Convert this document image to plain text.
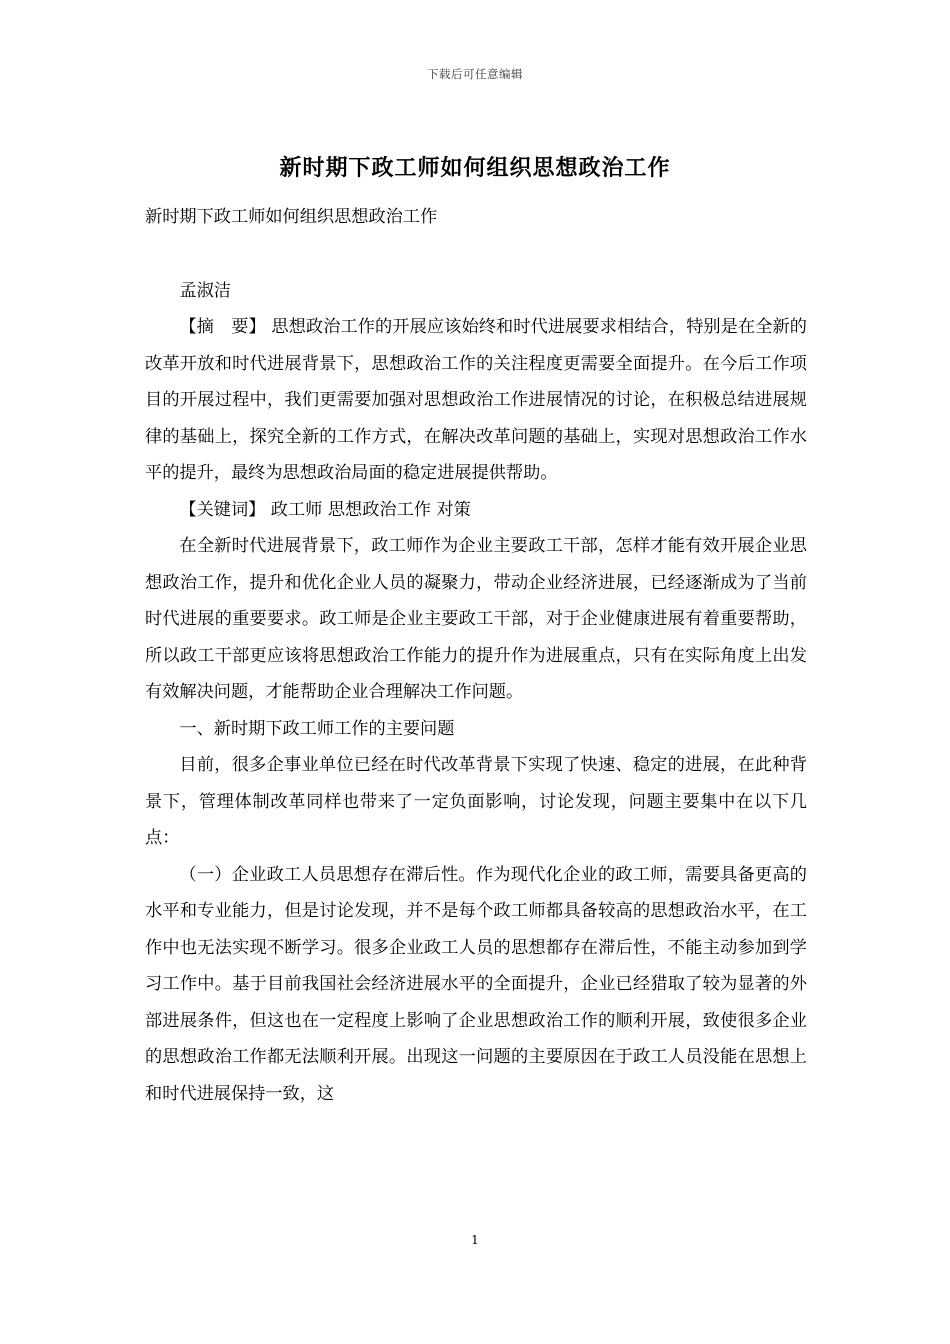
下载后可任意编辑
新时期下政工师如何组织思想政治工作

新时期下政工师如何组织思想政治工作

孟淑洁

【摘　要】 思想政治工作的开展应该始终和时代进展要求相结合，特别是在全新的改革开放和时代进展背景下，思想政治工作的关注程度更需要全面提升。在今后工作项目的开展过程中，我们更需要加强对思想政治工作进展情况的讨论，在积极总结进展规律的基础上，探究全新的工作方式，在解决改革问题的基础上，实现对思想政治工作水平的提升，最终为思想政治局面的稳定进展提供帮助。

【关键词】 政工师 思想政治工作 对策

在全新时代进展背景下，政工师作为企业主要政工干部，怎样才能有效开展企业思想政治工作，提升和优化企业人员的凝聚力，带动企业经济进展，已经逐渐成为了当前时代进展的重要要求。政工师是企业主要政工干部，对于企业健康进展有着重要帮助，所以政工干部更应该将思想政治工作能力的提升作为进展重点，只有在实际角度上出发有效解决问题，才能帮助企业合理解决工作问题。

一、新时期下政工师工作的主要问题

目前，很多企事业单位已经在时代改革背景下实现了快速、稳定的进展，在此种背景下，管理体制改革同样也带来了一定负面影响，讨论发现，问题主要集中在以下几点：

（一）企业政工人员思想存在滞后性。作为现代化企业的政工师，需要具备更高的水平和专业能力，但是讨论发现，并不是每个政工师都具备较高的思想政治水平，在工作中也无法实现不断学习。很多企业政工人员的思想都存在滞后性，不能主动参加到学习工作中。基于目前我国社会经济进展水平的全面提升，企业已经猎取了较为显著的外部进展条件，但这也在一定程度上影响了企业思想政治工作的顺利开展，致使很多企业的思想政治工作都无法顺利开展。出现这一问题的主要原因在于政工人员没能在思想上和时代进展保持一致，这

1
